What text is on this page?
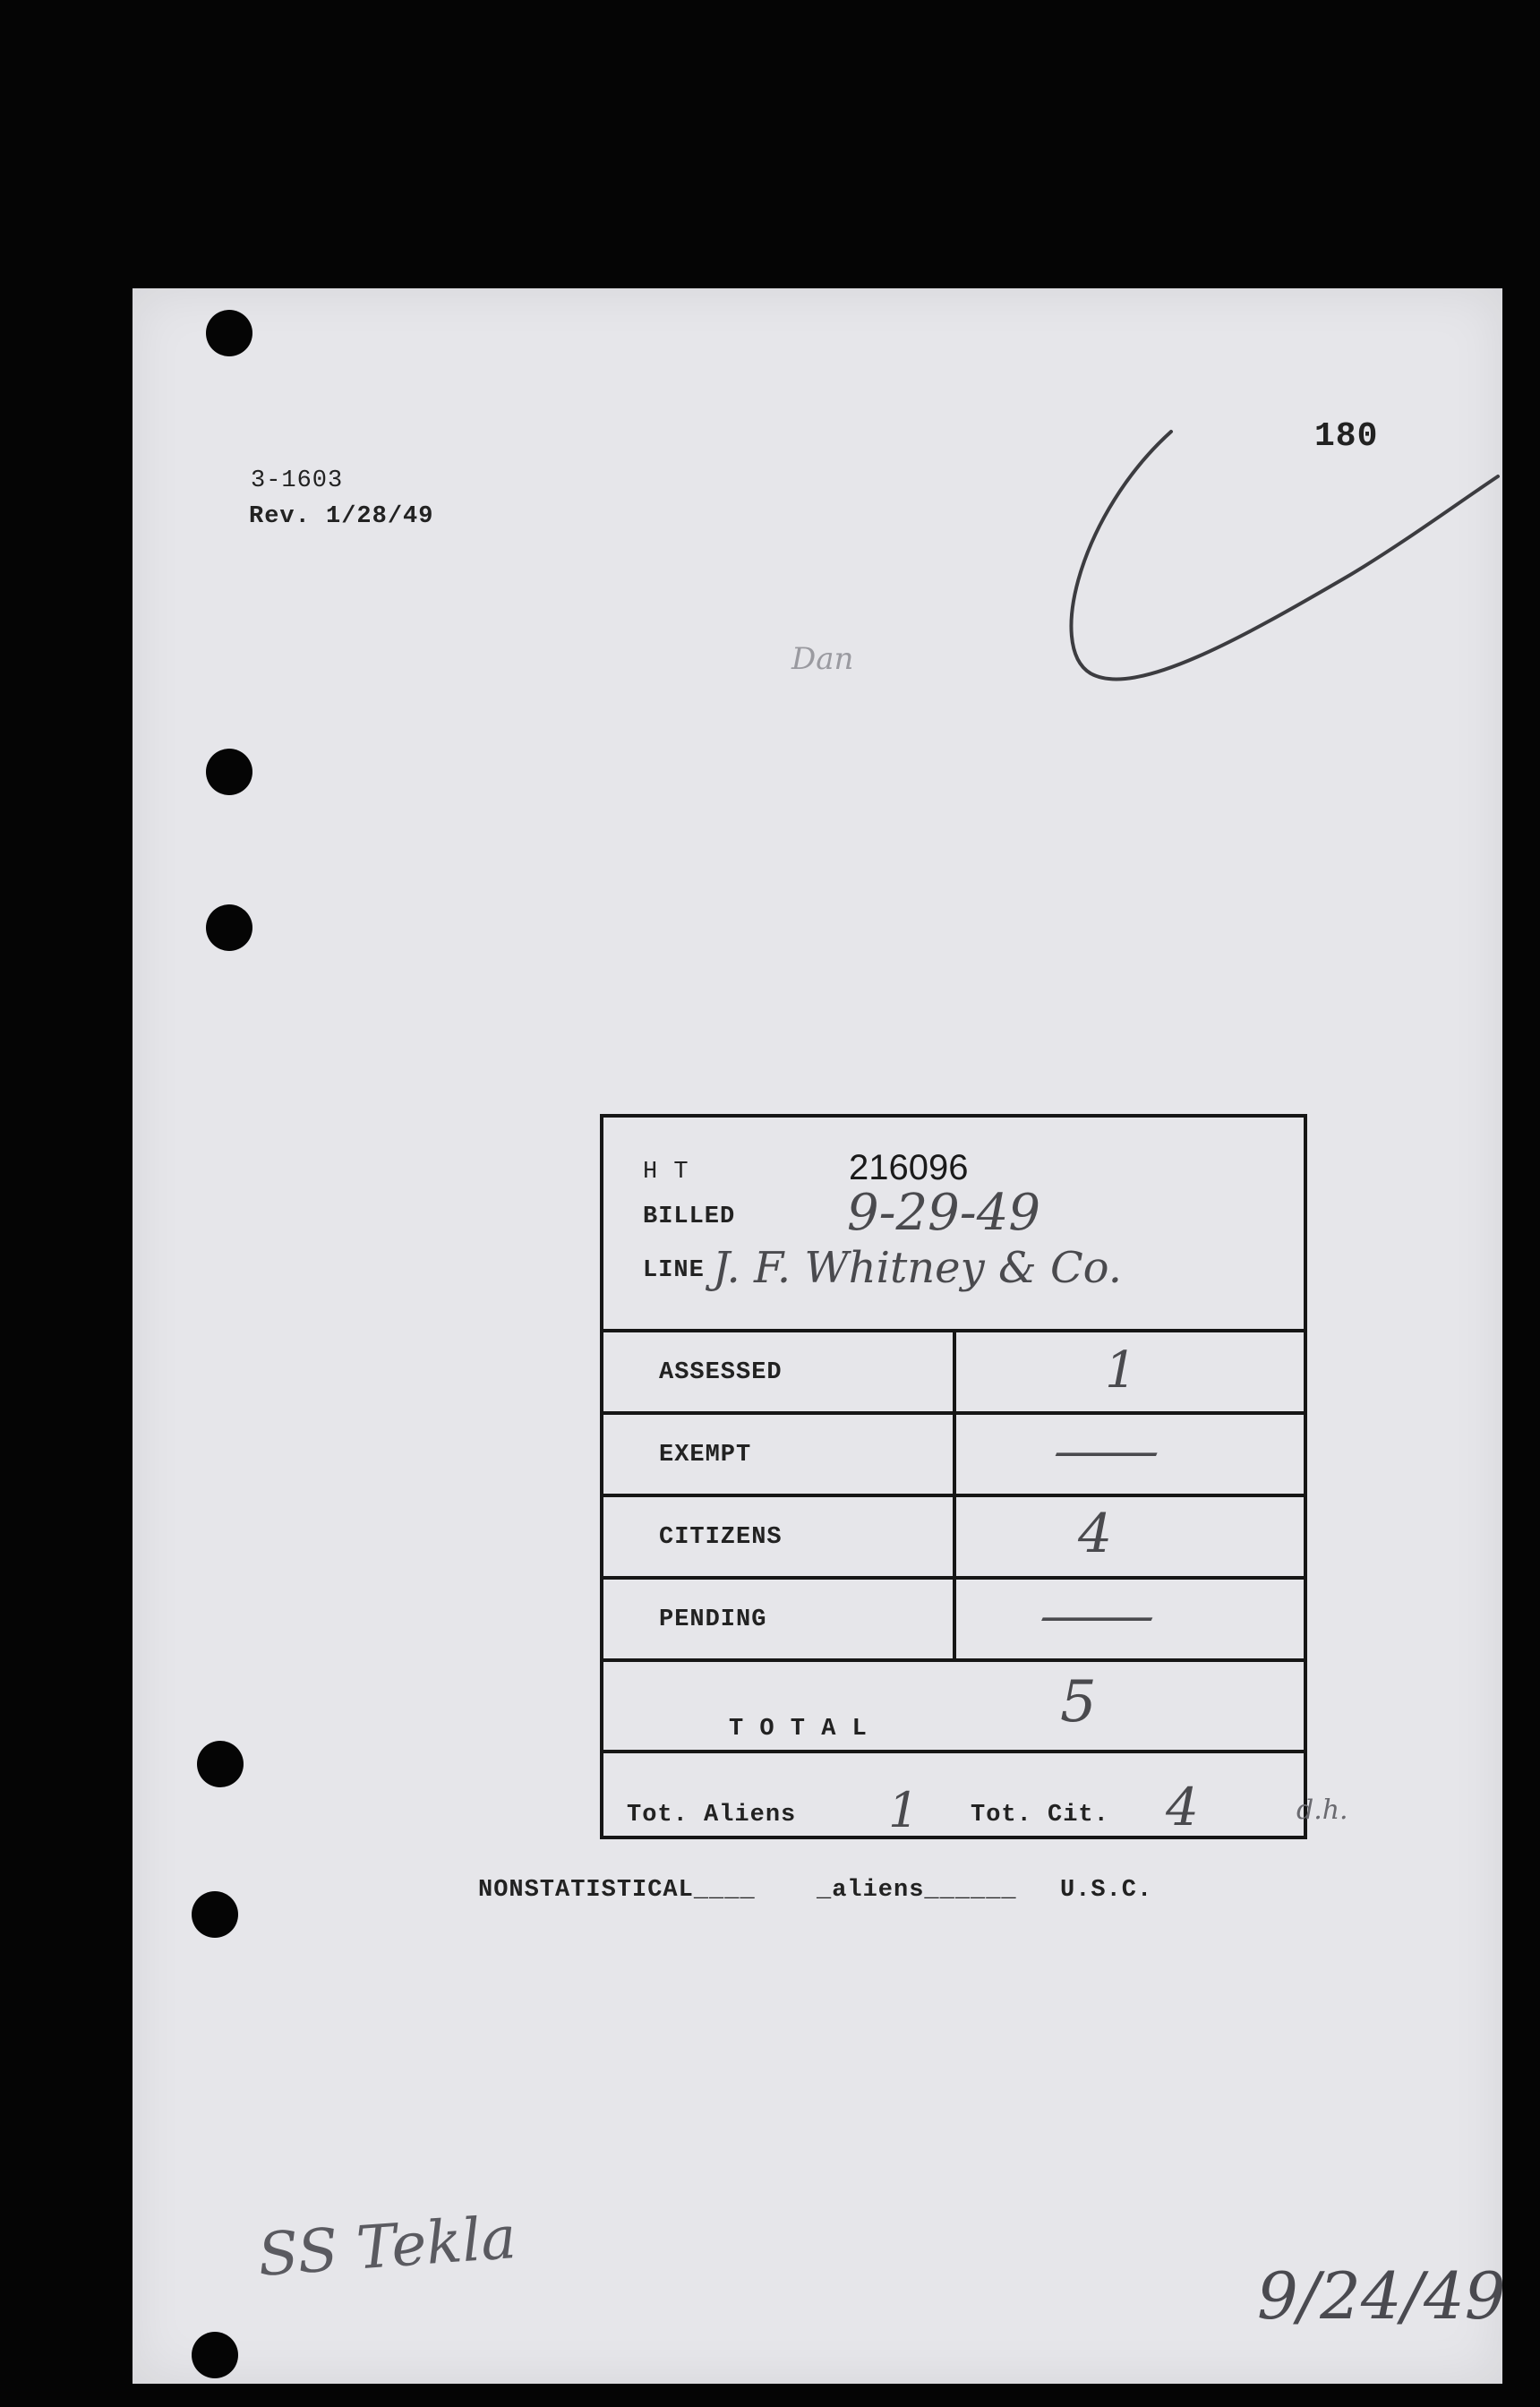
180
3-1603
Rev. 1/28/49
Dan
H T	216096
BILLED 9-29-49
LINE J. F. Whitney & Co.
ASSESSED	1
EXEMPT	—
CITIZENS	4
PENDING	—
T O T A L	5
Tot. Aliens 1 Tot. Cit. 4	d.h.
NONSTATISTICAL____	_aliens______ U.S.C.
SS Tekla
9/24/49
